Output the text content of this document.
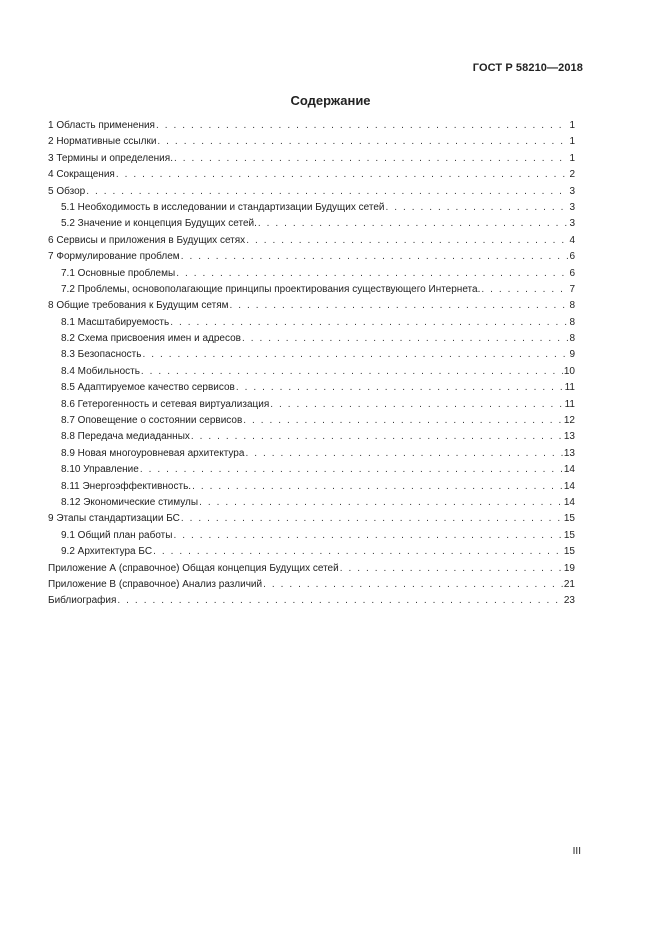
ГОСТ Р 58210—2018
Содержание
1 Область применения . . .	1
2 Нормативные ссылки . . .	1
3 Термины и определения. . . .	1
4 Сокращения . . .	2
5 Обзор . . .	3
5.1 Необходимость в исследовании и стандартизации Будущих сетей . . .	3
5.2 Значение и концепция Будущих сетей. . . .	3
6 Сервисы и приложения в Будущих сетях . . .	4
7 Формулирование проблем . . .	6
7.1 Основные проблемы . . .	6
7.2 Проблемы, основополагающие принципы проектирования существующего Интернета. . . .	7
8 Общие требования к Будущим сетям . . .	8
8.1 Масштабируемость . . .	8
8.2 Схема присвоения имен и адресов . . .	8
8.3 Безопасность . . .	9
8.4 Мобильность . . .	10
8.5 Адаптируемое качество сервисов . . .	11
8.6 Гетерогенность и сетевая виртуализация . . .	11
8.7 Оповещение о состоянии сервисов . . .	12
8.8 Передача медиаданных . . .	13
8.9 Новая многоуровневая архитектура . . .	13
8.10 Управление . . .	14
8.11 Энергоэффективность. . . .	14
8.12 Экономические стимулы . . .	14
9 Этапы стандартизации БС . . .	15
9.1 Общий план работы . . .	15
9.2 Архитектура БС . . .	15
Приложение А (справочное) Общая концепция Будущих сетей . . .	19
Приложение В (справочное) Анализ различий . . .	21
Библиография . . .	23
III
